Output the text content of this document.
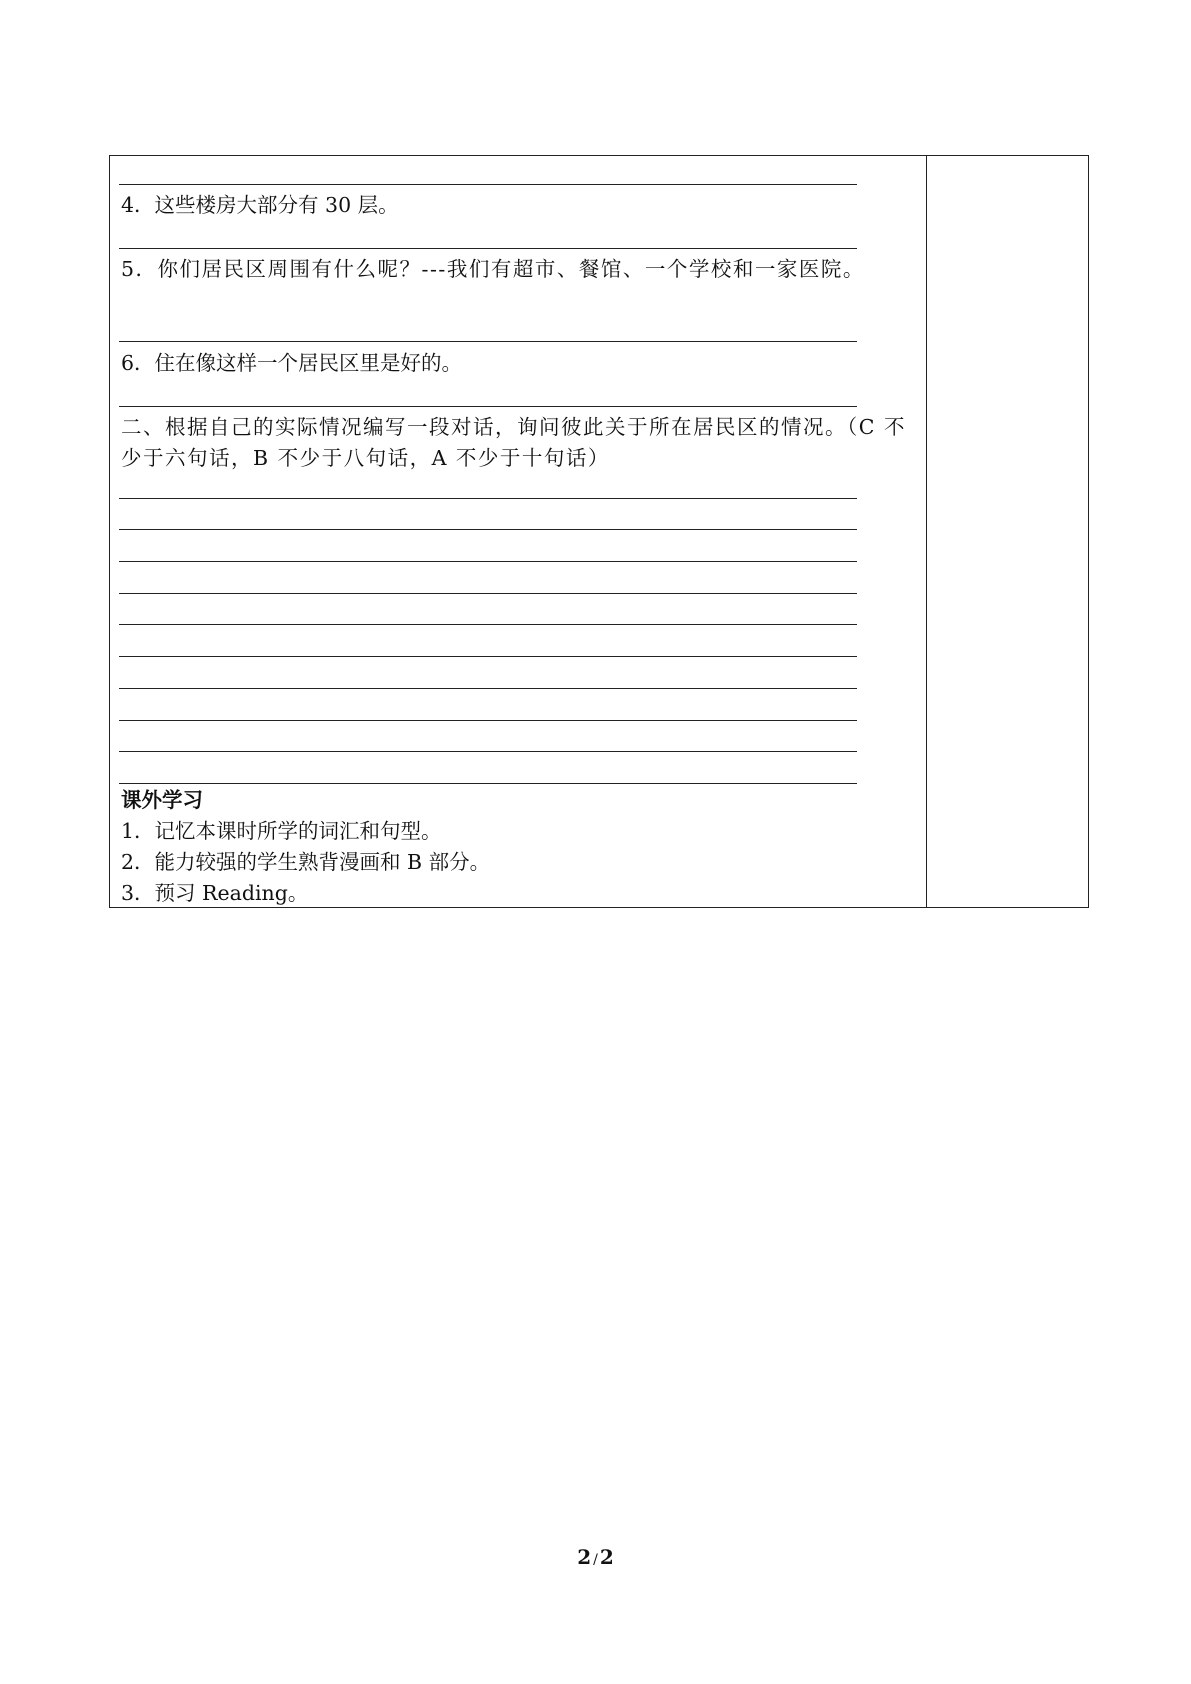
4．这些楼房大部分有 30 层。
5．你们居民区周围有什么呢？---我们有超市、餐馆、一个学校和一家医院。
6．住在像这样一个居民区里是好的。
二、根据自己的实际情况编写一段对话，询问彼此关于所在居民区的情况。（C 不少于六句话，B 不少于八句话，A 不少于十句话）
课外学习
1．记忆本课时所学的词汇和句型。
2．能力较强的学生熟背漫画和 B 部分。
3．预习 Reading。
2 / 2
